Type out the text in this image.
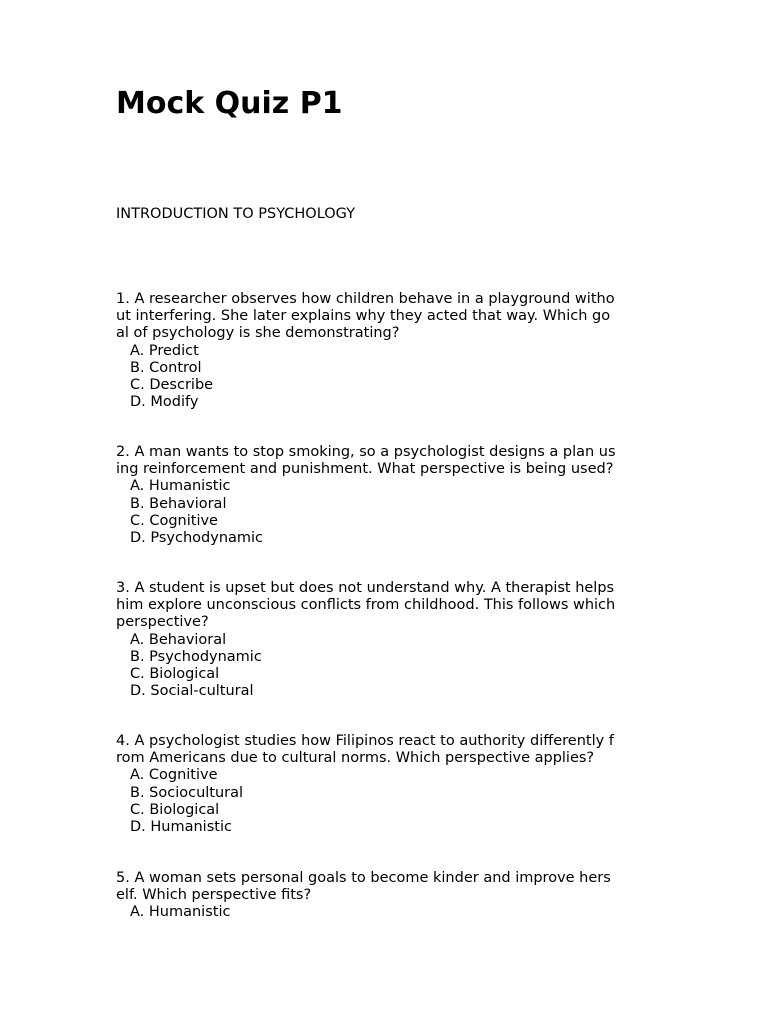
Mock Quiz P1

INTRODUCTION TO PSYCHOLOGY

1. A researcher observes how children behave in a playground witho
ut interfering. She later explains why they acted that way. Which go
al of psychology is she demonstrating?
A. Predict
B. Control
C. Describe
D. Modify
2. A man wants to stop smoking, so a psychologist designs a plan us
ing reinforcement and punishment. What perspective is being used?
A. Humanistic
B. Behavioral
C. Cognitive
D. Psychodynamic
3. A student is upset but does not understand why. A therapist helps
him explore unconscious conflicts from childhood. This follows which
perspective?
A. Behavioral
B. Psychodynamic
C. Biological
D. Social-cultural
4. A psychologist studies how Filipinos react to authority differently f
rom Americans due to cultural norms. Which perspective applies?
A. Cognitive
B. Sociocultural
C. Biological
D. Humanistic
5. A woman sets personal goals to become kinder and improve hers
elf. Which perspective fits?
A. Humanistic
